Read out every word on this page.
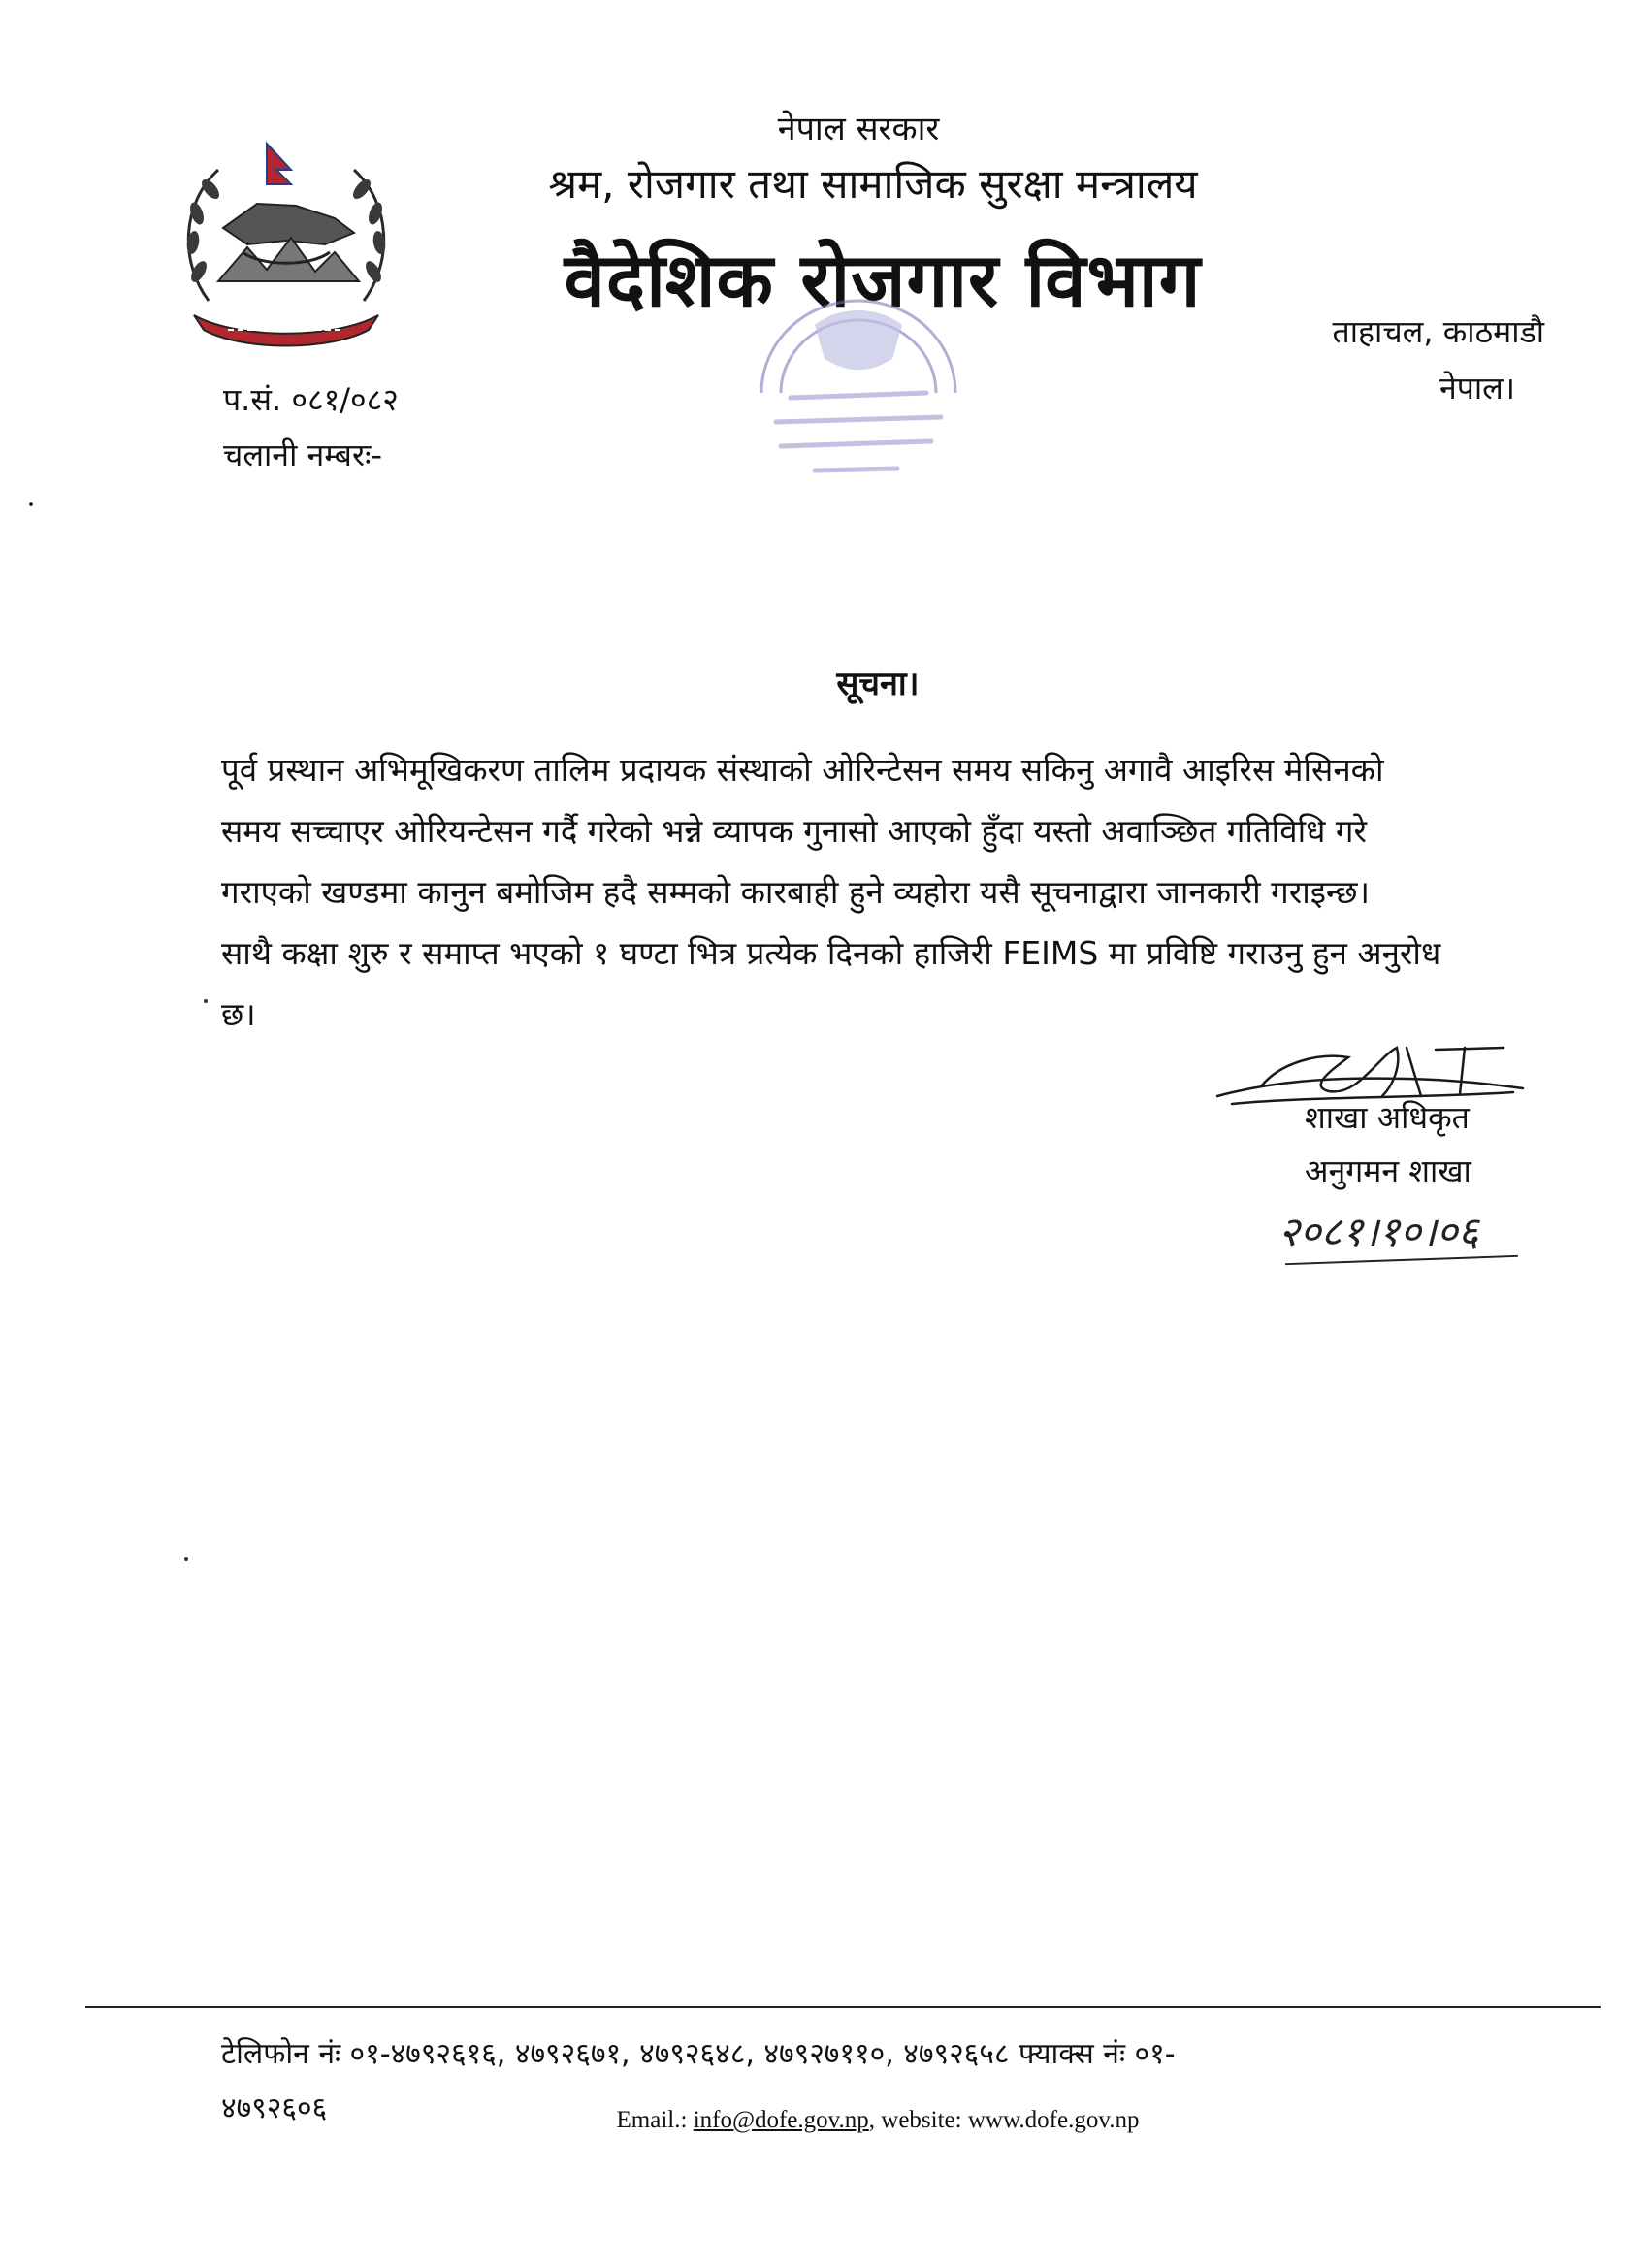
नेपाल सरकार
श्रम, रोजगार तथा सामाजिक सुरक्षा मन्त्रालय
वैदेशिक रोजगार विभाग
ताहाचल, काठमाडौ
नेपाल।
प.सं. ०८१/०८२
चलानी नम्बरः-
सूचना।
पूर्व प्रस्थान अभिमूखिकरण तालिम प्रदायक संस्थाको ओरिन्टेसन समय सकिनु अगावै आइरिस मेसिनको
समय सच्चाएर ओरियन्टेसन गर्दै गरेको भन्ने व्यापक गुनासो आएको हुँदा यस्तो अवाञ्छित गतिविधि गरे
गराएको खण्डमा कानुन बमोजिम हदै सम्मको कारबाही हुने व्यहोरा यसै सूचनाद्वारा जानकारी गराइन्छ।
साथै कक्षा शुरु र समाप्त भएको १ घण्टा भित्र प्रत्येक दिनको हाजिरी FEIMS मा प्रविष्टि गराउनु हुन अनुरोध
छ।
शाखा अधिकृत
अनुगमन शाखा
२०८१।१०।०६
टेलिफोन नंः ०१-४७९२६१६, ४७९२६७१, ४७९२६४८, ४७९२७११०, ४७९२६५८ फ्याक्स नंः ०१-
४७९२६०६	Email.: info@dofe.gov.np, website: www.dofe.gov.np
